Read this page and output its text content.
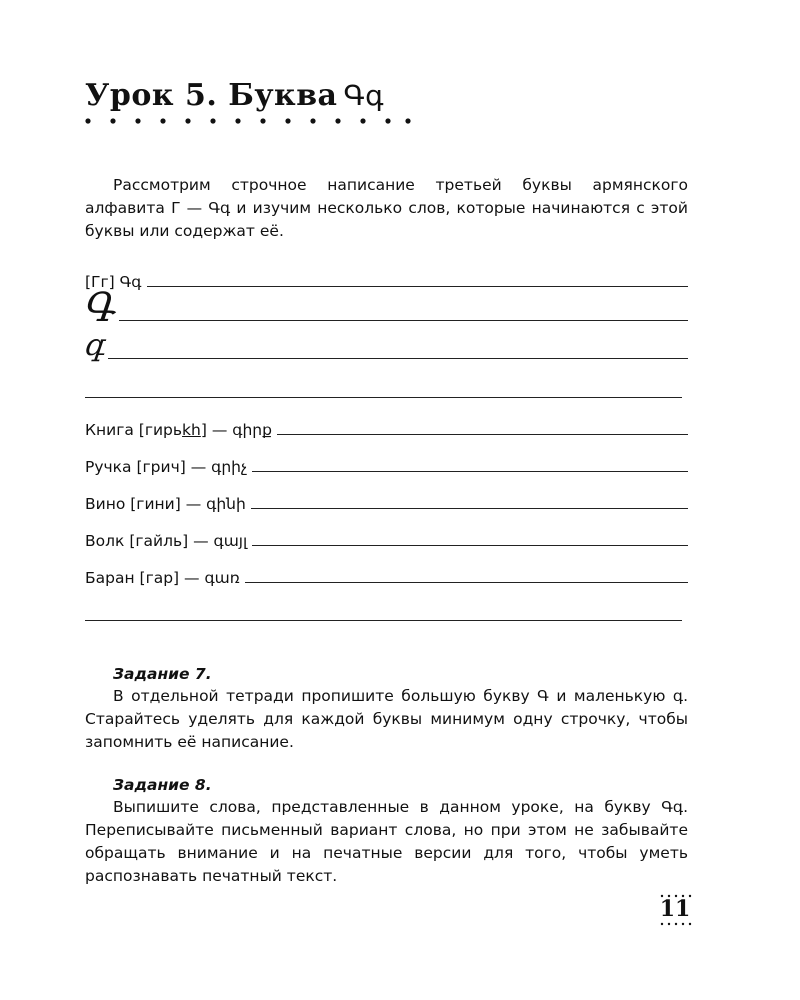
Урок 5. Буква Գգ

Рассмотрим строчное написание третьей буквы армянского алфавита Г — Գգ и изучим несколько слов, которые начинаются с этой буквы или содержат её.

[Гг] Գգ
Գ
գ
Книга [гирьkh] — գիրք
Ручка [грич] — գրիչ
Вино [гини] — գինի
Волк [гайль] — գայլ
Баран [гар] — գառ
Задание 7.

В отдельной тетради пропишите большую букву Գ и маленькую գ. Старайтесь уделять для каждой буквы минимум одну строчку, чтобы запомнить её написание.

Задание 8.

Выпишите слова, представленные в данном уроке, на букву Գգ. Переписывайте письменный вариант слова, но при этом не забывайте обращать внимание и на печатные версии для того, чтобы уметь распознавать печатный текст.

11
